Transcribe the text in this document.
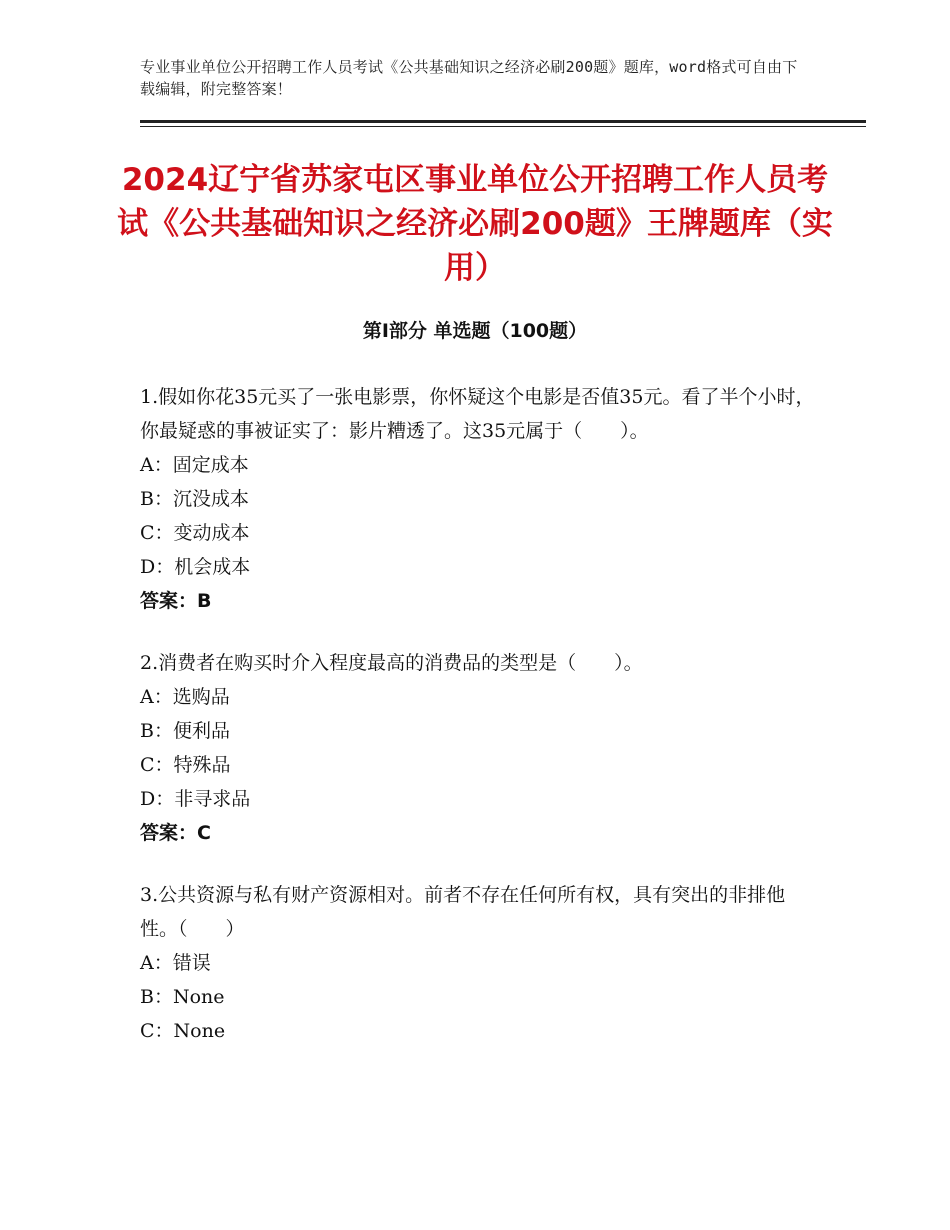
专业事业单位公开招聘工作人员考试《公共基础知识之经济必刷200题》题库，word格式可自由下载编辑，附完整答案！
2024辽宁省苏家屯区事业单位公开招聘工作人员考试《公共基础知识之经济必刷200题》王牌题库（实用）
第Ⅰ部分 单选题（100题）

1.假如你花35元买了一张电影票，你怀疑这个电影是否值35元。看了半个小时，你最疑惑的事被证实了：影片糟透了。这35元属于（　　）。

A：固定成本

B：沉没成本

C：变动成本

D：机会成本

答案：B

2.消费者在购买时介入程度最高的消费品的类型是（　　）。

A：选购品

B：便利品

C：特殊品

D：非寻求品

答案：C

3.公共资源与私有财产资源相对。前者不存在任何所有权，具有突出的非排他性。（　　）

A：错误

B：None

C：None
